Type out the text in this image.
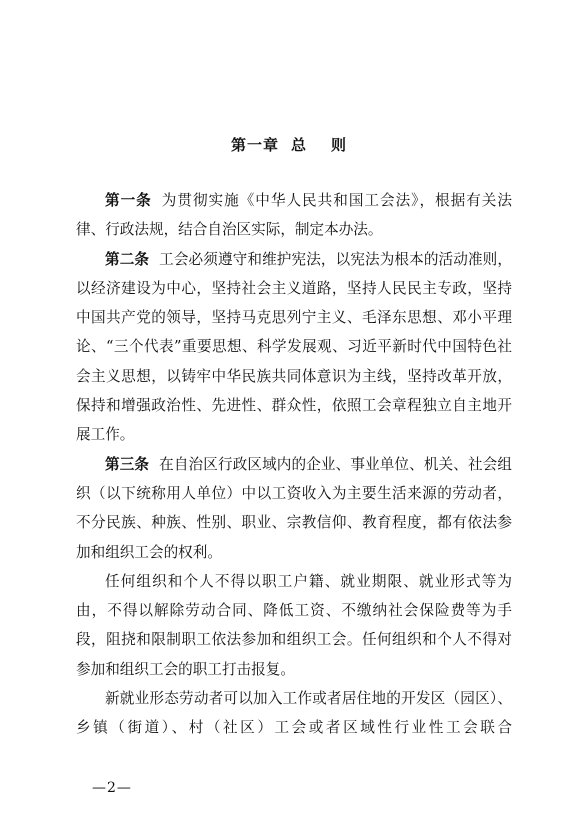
第一章 总 则

第一条 为贯彻实施《中华人民共和国工会法》，根据有关法律、行政法规，结合自治区实际，制定本办法。

第二条 工会必须遵守和维护宪法，以宪法为根本的活动准则，以经济建设为中心，坚持社会主义道路，坚持人民民主专政，坚持中国共产党的领导，坚持马克思列宁主义、毛泽东思想、邓小平理论、“三个代表”重要思想、科学发展观、习近平新时代中国特色社会主义思想，以铸牢中华民族共同体意识为主线，坚持改革开放，保持和增强政治性、先进性、群众性，依照工会章程独立自主地开展工作。

第三条 在自治区行政区域内的企业、事业单位、机关、社会组织（以下统称用人单位）中以工资收入为主要生活来源的劳动者，不分民族、种族、性别、职业、宗教信仰、教育程度，都有依法参加和组织工会的权利。

任何组织和个人不得以职工户籍、就业期限、就业形式等为由，不得以解除劳动合同、降低工资、不缴纳社会保险费等为手段，阻挠和限制职工依法参加和组织工会。任何组织和个人不得对参加和组织工会的职工打击报复。

新就业形态劳动者可以加入工作或者居住地的开发区（园区）、乡镇（街道）、村（社区）工会或者区域性行业性工会联合

—2—
